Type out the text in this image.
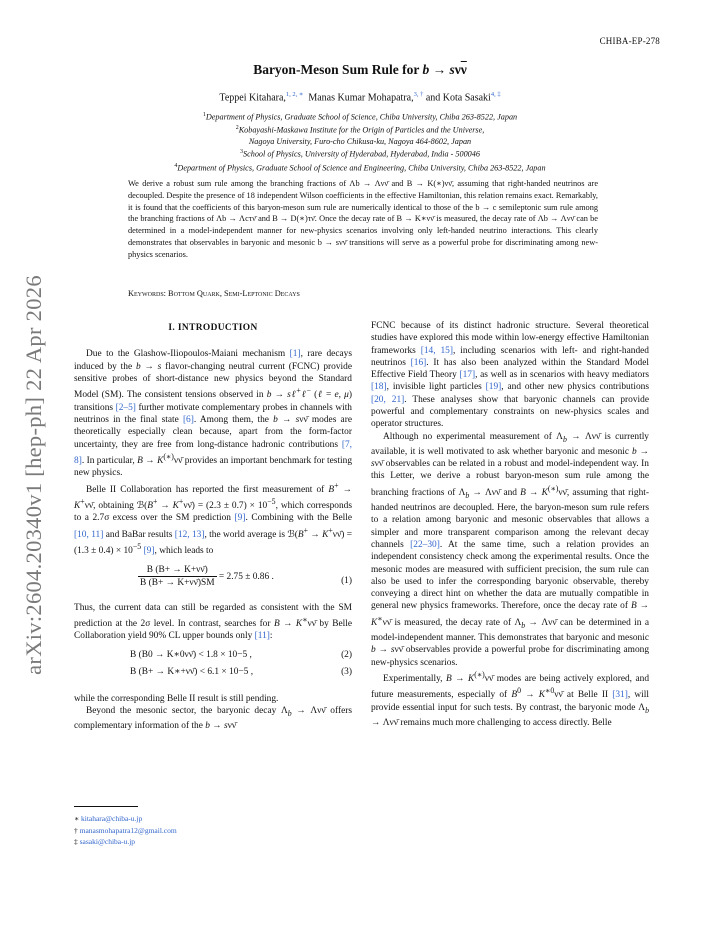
CHIBA-EP-278
Baryon-Meson Sum Rule for $b \to s\nu\overline{\nu}$
Teppei Kitahara,$^{1, 2, ∗}$ Manas Kumar Mohapatra,$^{3, \dagger}$ and Kota Sasaki$^{4, \ddagger}$
$^1$Department of Physics, Graduate School of Science, Chiba University, Chiba 263-8522, Japan
$^2$Kobayashi-Maskawa Institute for the Origin of Particles and the Universe,
Nagoya University, Furo-cho Chikusa-ku, Nagoya 464-8602, Japan
$^3$School of Physics, University of Hyderabad, Hyderabad, India - 500046
$^4$Department of Physics, Graduate School of Science and Engineering, Chiba University, Chiba 263-8522, Japan
We derive a robust sum rule among the branching fractions of Λb → Λνν̄ and B → K(∗)νν̄, assuming that right-handed neutrinos are decoupled. Despite the presence of 18 independent Wilson coefficients in the effective Hamiltonian, this relation remains exact. Remarkably, it is found that the coefficients of this baryon-meson sum rule are numerically identical to those of the b → c semileptonic sum rule among the branching fractions of Λb → Λcτν̄ and B → D(∗)τν̄. Once the decay rate of B → K∗νν̄ is measured, the decay rate of Λb → Λνν̄ can be determined in a model-independent manner for new-physics scenarios involving only left-handed neutrino interactions. This clearly demonstrates that observables in baryonic and mesonic b → sνν̄ transitions will serve as a powerful probe for discriminating among new-physics scenarios.
Keywords: Bottom Quark, Semi-Leptonic Decays
arXiv:2604.20340v1 [hep-ph] 22 Apr 2026	I. INTRODUCTION

Due to the Glashow-Iliopoulos-Maiani mechanism [1], rare decays induced by the b → s flavor-changing neutral current (FCNC) provide sensitive probes of short-distance new physics beyond the Standard Model (SM). The consistent tensions observed in b → sℓ+ℓ− (ℓ = e, μ) transitions [2–5] further motivate complementary probes in channels with neutrinos in the final state [6]. Among them, the b → sνν̄ modes are theoretically especially clean because, apart from the form-factor uncertainty, they are free from long-distance hadronic contributions [7, 8]. In particular, B → K(∗)νν̄ provides an important benchmark for testing new physics.

Belle II Collaboration has reported the first measurement of B+ → K+νν̄, obtaining ℬ(B+ → K+νν̄) = $(2.3 \pm 0.7) \times 10^{-5}$, which corresponds to a 2.7σ excess over the SM prediction [9]. Combining with the Belle [10, 11] and BaBar results [12, 13], the world average is ℬ(B+ → K+νν̄) = $(1.3 \pm 0.4) \times 10^{-5}$ [9], which leads to

$\frac{B (B+ \to K+\nu\nū)}{B (B+ \to K+\nu\nū)SM} = 2.75 \pm 0.86$ .	(1)

Thus, the current data can still be regarded as consistent with the SM prediction at the 2σ level. In contrast, searches for B → K∗νν̄ by Belle Collaboration yield 90% CL upper bounds only [11]:

B (B0 → K∗0νν̄) < 1.8 × 10−5 ,	(2)
B (B+ → K∗+νν̄) < 6.1 × 10−5 ,	(3)

while the corresponding Belle II result is still pending.

Beyond the mesonic sector, the baryonic decay $\Lambda_b$ → Λνν̄ offers complementary information of the b → sνν̄

∗ kitahara@chiba-u.jp
† manasmohapatra12@gmail.com
‡ sasaki@chiba-u.jp

FCNC because of its distinct hadronic structure. Several theoretical studies have explored this mode within low-energy effective Hamiltonian frameworks [14, 15], including scenarios with left- and right-handed neutrinos [16]. It has also been analyzed within the Standard Model Effective Field Theory [17], as well as in scenarios with heavy mediators [18], invisible light particles [19], and other new physics contributions [20, 21]. These analyses show that baryonic channels can provide powerful and complementary constraints on new-physics scales and operator structures.

Although no experimental measurement of $\Lambda_b$ → Λνν̄ is currently available, it is well motivated to ask whether baryonic and mesonic b → sνν̄ observables can be related in a robust and model-independent way. In this Letter, we derive a robust baryon-meson sum rule among the branching fractions of $\Lambda_b$ → Λνν̄ and B → K(∗)νν̄, assuming that right-handed neutrinos are decoupled. Here, the baryon-meson sum rule refers to a relation among baryonic and mesonic observables that allows a simpler and more transparent comparison among the relevant decay channels [22–30]. At the same time, such a relation provides an independent consistency check among the experimental results. Once the mesonic modes are measured with sufficient precision, the sum rule can also be used to infer the corresponding baryonic observable, thereby conveying a direct hint on whether the data are mutually compatible in general new physics frameworks. Therefore, once the decay rate of B → K∗νν̄ is measured, the decay rate of $\Lambda_b$ → Λνν̄ can be determined in a model-independent manner. This demonstrates that baryonic and mesonic b → sνν̄ observables provide a powerful probe for discriminating among new-physics scenarios.

Experimentally, B → K(∗)νν̄ modes are being actively explored, and future measurements, especially of $B^0$ → $K^{∗0}\nu\nū$ at Belle II [31], will provide essential input for such tests. By contrast, the baryonic mode $\Lambda_b$ → Λνν̄ remains much more challenging to access directly. Belle
